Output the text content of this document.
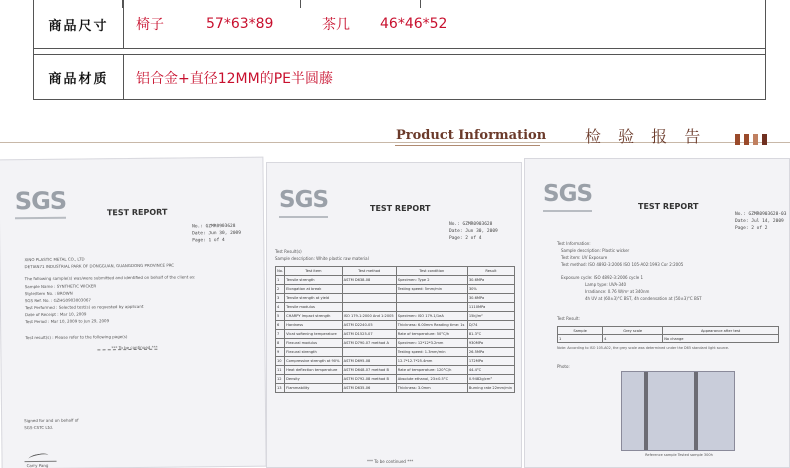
商品尺寸	椅子	57*63*89	茶几	46*46*52
商品材质	铝合金+直径12MM的PE半圆藤
Product Information 检 验 报 告
SGS	TEST REPORT
No.: GZMR0903628
Date: Jun 30, 2009
Page: 1 of 4
XINO PLASTIC METAL CO., LTD
DETIAN71 INDUSTRIAL PARK OF DONGGUAN, GUANGDONG PROVINCE PRC
The following sample(s) was/were submitted and identified on behalf of the client as:
Sample Name : SYNTHETIC WICKER
Style/Item No. : BROWN
SGS Ref. No. : GZHG0903003067
Test Performed : Selected test(s) as requested by applicant
Date of Receipt : Mar 10, 2009
Test Period : Mar 10, 2009 to Jun 29, 2009
Test result(s) : Please refer to the following page(s)
*** To be continued ***
Signed for and on behalf of
SGS-CSTC Ltd.
Carry Pang
SGS	TEST REPORT
No.: GZMR0903628
Date: Jun 30, 2009
Page: 2 of 4
Test Result(s)
Sample description: White plastic raw material
No.	Test item	Test method	Test condition	Result
1	Tensile strength	ASTM D638-08	Specimen: Type 2	30.6MPa
2	Elongation at break		Testing speed: 5mm/min	30%
3	Tensile strength at yield			30.6MPa
4	Tensile modulus			1110MPa
5	CHARPY Impact strength	ISO 179-1:2000 And 1:2005	Specimen: ISO 179-1/1eA	15kJ/m²
6	Hardness	ASTM D2240-05	Thickness: 6.00mm Reading time: 1s	D/74
7	Vicat softening temperature	ASTM D1525-07	Rate of temperature: 50°C/h	81.3°C
8	Flexural modulus	ASTM D790-07 method A	Specimen: 12*12*3.2mm	930MPa
9	Flexural strength		Testing speed: 1.3mm/min	26.5MPa
10	Compressive strength at 90%	ASTM D695-08	12.7*12.7*25.4mm	172MPa
11	Heat deflection temperature	ASTM D648-07 method B	Rate of temperature: 120°C/h	44.4°C
12	Density	ASTM D792-08 method B	Absolute ethanol, 23±0.5°C	0.9482g/cm³
13	Flammability	ASTM D635-06	Thickness: 3.0mm	Burning rate 22mm/min
*** To be continued ***
SGS	TEST REPORT
No.: GZMR0903628-03
Date: Jul 14, 2009
Page: 2 of 2
Test Information:
Sample description: Plastic wicker
Test item: UV Exposure
Test method: ISO 4892-3:2006 ISO 105-A02:1993 Cor 2:2005
Exposure cycle: ISO 4892-3:2006 cycle 1
Lamp type: UVA-340
Irradiance: 0.76 W/m² at 340nm
4h UV at (60±3)°C BST, 4h condensation at (50±3)°C BST
Test Result:
Sample	Grey scale	Appearance after test
1	4	No change
Note: According to ISO 105-A02, the grey scale was determined under the D65 standard light source.
Photo:
Reference sample Tested sample 300h
